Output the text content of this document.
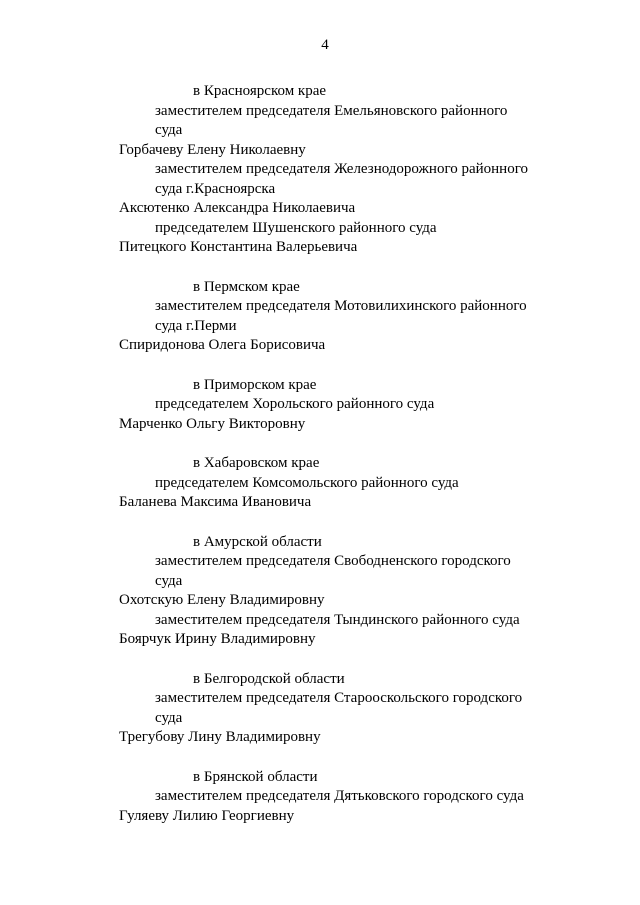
4
в Красноярском крае
заместителем председателя Емельяновского районного
суда
Горбачеву Елену Николаевну
заместителем председателя Железнодорожного районного
суда г.Красноярска
Аксютенко Александра Николаевича
председателем Шушенского районного суда
Питецкого Константина Валерьевича
в Пермском крае
заместителем председателя Мотовилихинского районного
суда г.Перми
Спиридонова Олега Борисовича
в Приморском крае
председателем Хорольского районного суда
Марченко Ольгу Викторовну
в Хабаровском крае
председателем Комсомольского районного суда
Баланева Максима Ивановича
в Амурской области
заместителем председателя Свободненского городского
суда
Охотскую Елену Владимировну
заместителем председателя Тындинского районного суда
Боярчук Ирину Владимировну
в Белгородской области
заместителем председателя Старооскольского городского
суда
Трегубову Лину Владимировну
в Брянской области
заместителем председателя Дятьковского городского суда
Гуляеву Лилию Георгиевну
